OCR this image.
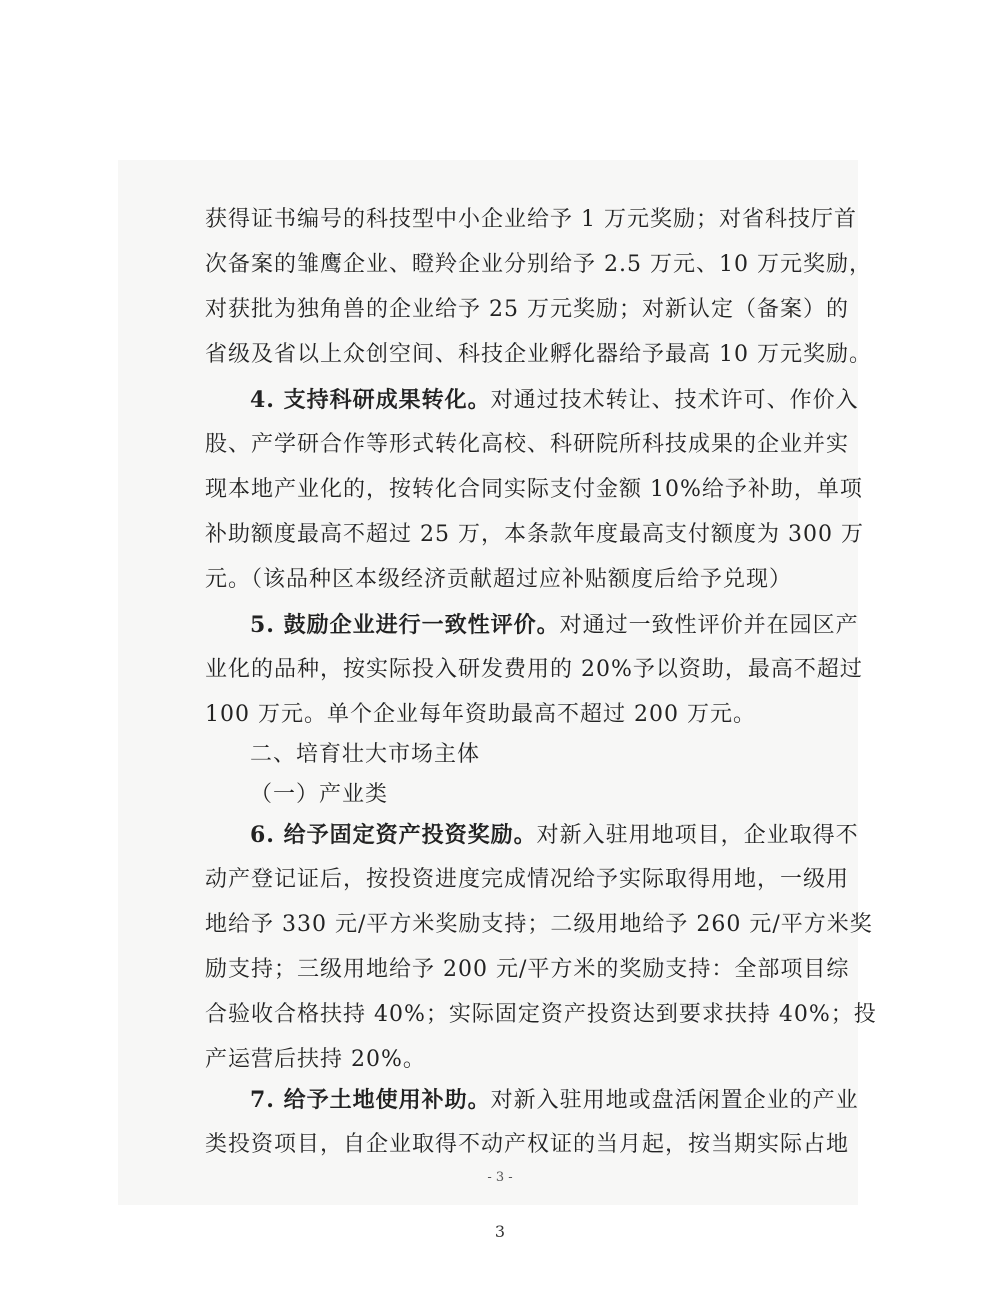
获得证书编号的科技型中小企业给予 1 万元奖励；对省科技厅首
次备案的雏鹰企业、瞪羚企业分别给予 2.5 万元、10 万元奖励，
对获批为独角兽的企业给予 25 万元奖励；对新认定（备案）的
省级及省以上众创空间、科技企业孵化器给予最高 10 万元奖励。
4. 支持科研成果转化。对通过技术转让、技术许可、作价入
股、产学研合作等形式转化高校、科研院所科技成果的企业并实
现本地产业化的，按转化合同实际支付金额 10%给予补助，单项
补助额度最高不超过 25 万，本条款年度最高支付额度为 300 万
元。（该品种区本级经济贡献超过应补贴额度后给予兑现）
5. 鼓励企业进行一致性评价。对通过一致性评价并在园区产
业化的品种，按实际投入研发费用的 20%予以资助，最高不超过
100 万元。单个企业每年资助最高不超过 200 万元。
二、培育壮大市场主体
（一）产业类
6. 给予固定资产投资奖励。对新入驻用地项目，企业取得不
动产登记证后，按投资进度完成情况给予实际取得用地，一级用
地给予 330 元/平方米奖励支持；二级用地给予 260 元/平方米奖
励支持；三级用地给予 200 元/平方米的奖励支持：全部项目综
合验收合格扶持 40%；实际固定资产投资达到要求扶持 40%；投
产运营后扶持 20%。
7. 给予土地使用补助。对新入驻用地或盘活闲置企业的产业
类投资项目，自企业取得不动产权证的当月起，按当期实际占地
- 3 -
3
